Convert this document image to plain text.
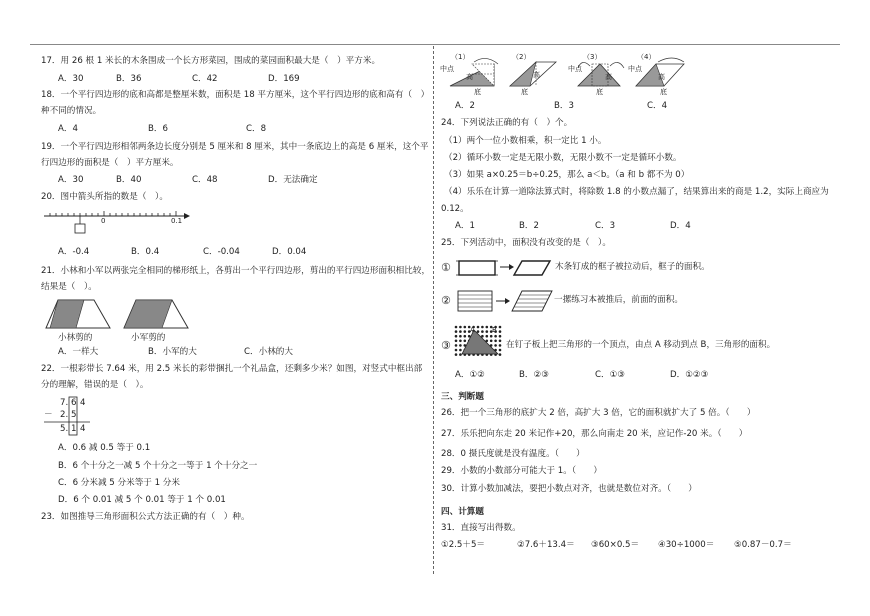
17．用 26 根 1 米长的木条围成一个长方形菜园，围成的菜园面积最大是（　）平方米。
A．30	B．36	C．42	D．169
18．一个平行四边形的底和高都是整厘米数，面积是 18 平方厘米，这个平行四边形的底和高有（　）
种不同的情况。
A．4	B．6	C．8
19．一个平行四边形相邻两条边长度分别是 5 厘米和 8 厘米，其中一条底边上的高是 6 厘米，这个平
行四边形的面积是（　）平方厘米。
A．30	B．40	C．48	D．无法确定
20．图中箭头所指的数是（　）。
0	0.1
A．-0.4	B．0.4	C．-0.04	D．0.04
21．小林和小军以两张完全相同的梯形纸上，各剪出一个平行四边形，剪出的平行四边形面积相比较，
结果是（　）。
小林剪的	小军剪的
A．一样大	B．小军的大	C．小林的大
22．一根彩带长 7.64 米，用 2.5 米长的彩带捆扎一个礼品盒，还剩多少米？如图，对竖式中框出部
分的理解，错误的是（　）。
7. 6 4
－ 2. 5
5. 1 4
A．0.6 减 0.5 等于 0.1
B．6 个十分之一减 5 个十分之一等于 1 个十分之一
C．6 分米减 5 分米等于 1 分米
D．6 个 0.01 减 5 个 0.01 等于 1 个 0.01
23．如图推导三角形面积公式方法正确的有（　）种。
（1）	（2）	（3）	（4）
中点
高
底
高
底
中点
高
底
中点
高
底
A．2	B．3	C．4
24．下列说法正确的有（　）个。
（1）两个一位小数相乘，积一定比 1 小。
（2）循环小数一定是无限小数，无限小数不一定是循环小数。
（3）如果 a×0.25＝b÷0.25，那么 a＜b。（a 和 b 都不为 0）
（4）乐乐在计算一道除法算式时，将除数 1.8 的小数点漏了，结果算出来的商是 1.2，实际上商应为
0.12。
A．1	B．2	C．3	D．4
25．下列活动中，面积没有改变的是（　）。
①	木条钉成的框子被拉动后，框子的面积。
②	一摞练习本被推后，前面的面积。
③
A B
在钉子板上把三角形的一个顶点，由点 A 移动到点 B，三角形的面积。
A．①②	B．②③	C．①③	D．①②③
三、判断题
26．把一个三角形的底扩大 2 倍，高扩大 3 倍，它的面积就扩大了 5 倍。（　　）
27．乐乐把向东走 20 米记作+20，那么向南走 20 米，应记作-20 米。（　　）
28．0 摄氏度就是没有温度。（　　）
29．小数的小数部分可能大于 1。（　　）
30．计算小数加减法，要把小数点对齐，也就是数位对齐。（　　）
四、计算题
31．直接写出得数。
①2.5＋5＝	②7.6＋13.4＝ ③60×0.5＝ ④30÷1000＝ ⑤0.87－0.7＝
